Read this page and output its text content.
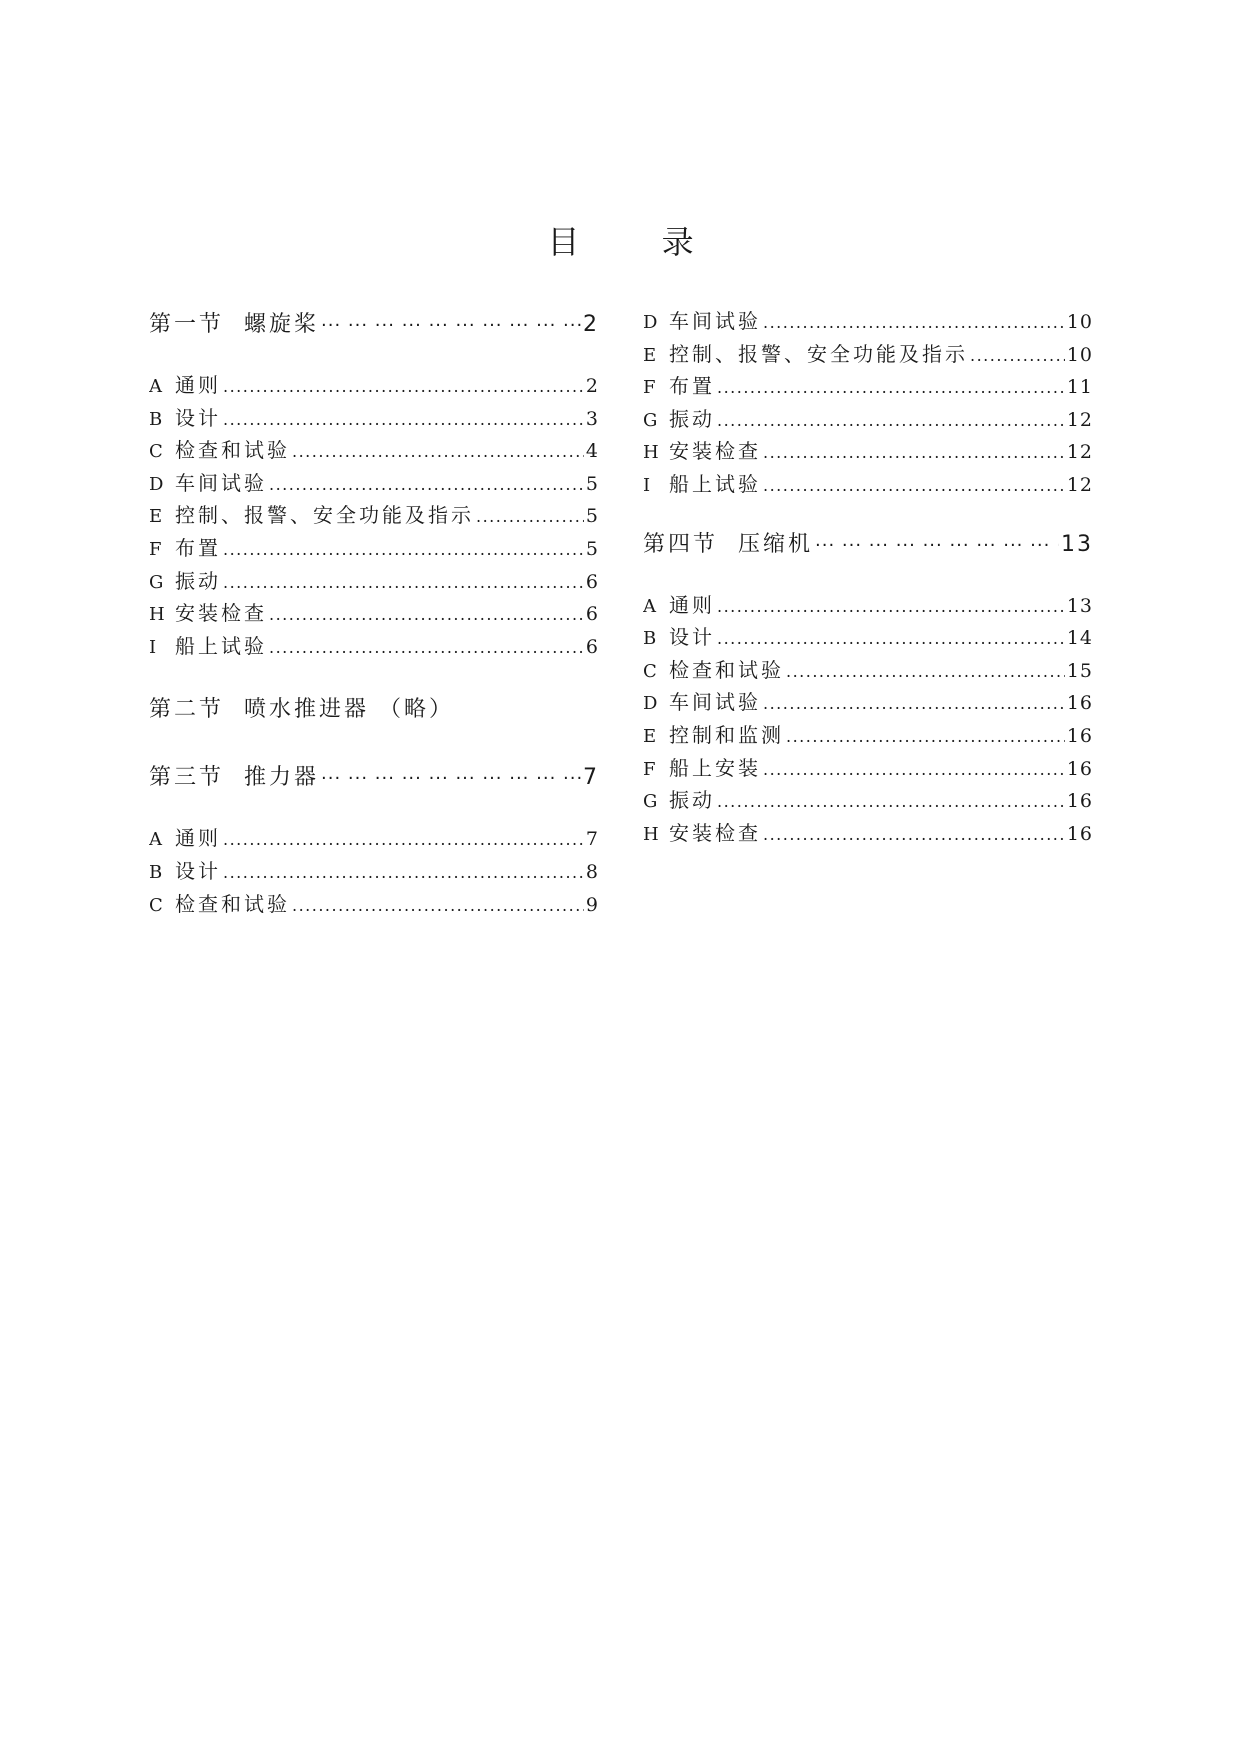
目 录
第一节 螺旋桨 ··· ·	2
A 通则 .....	2
B 设计 .....	3
C 检查和试验 .....	4
D 车间试验 .....	5
E 控制、报警、安全功能及指示 .....	5
F 布置 .....	5
G 振动 .....	6
H 安装检查 .....	6
I 船上试验 .....	6
第二节 喷水推进器 （略）
第三节 推力器 ··· ·	7
A 通则 .....	7
B 设计 .....	8
C 检查和试验 .....	9
D 车间试验 .....	10
E 控制、报警、安全功能及指示 .....	10
F 布置 .....	11
G 振动 .....	12
H 安装检查 .....	12
I 船上试验 .....	12
第四节 压缩机 ··· ·	13
A 通则 .....	13
B 设计 .....	14
C 检查和试验 .....	15
D 车间试验 .....	16
E 控制和监测 .....	16
F 船上安装 .....	16
G 振动 .....	16
H 安装检查 .....	16
